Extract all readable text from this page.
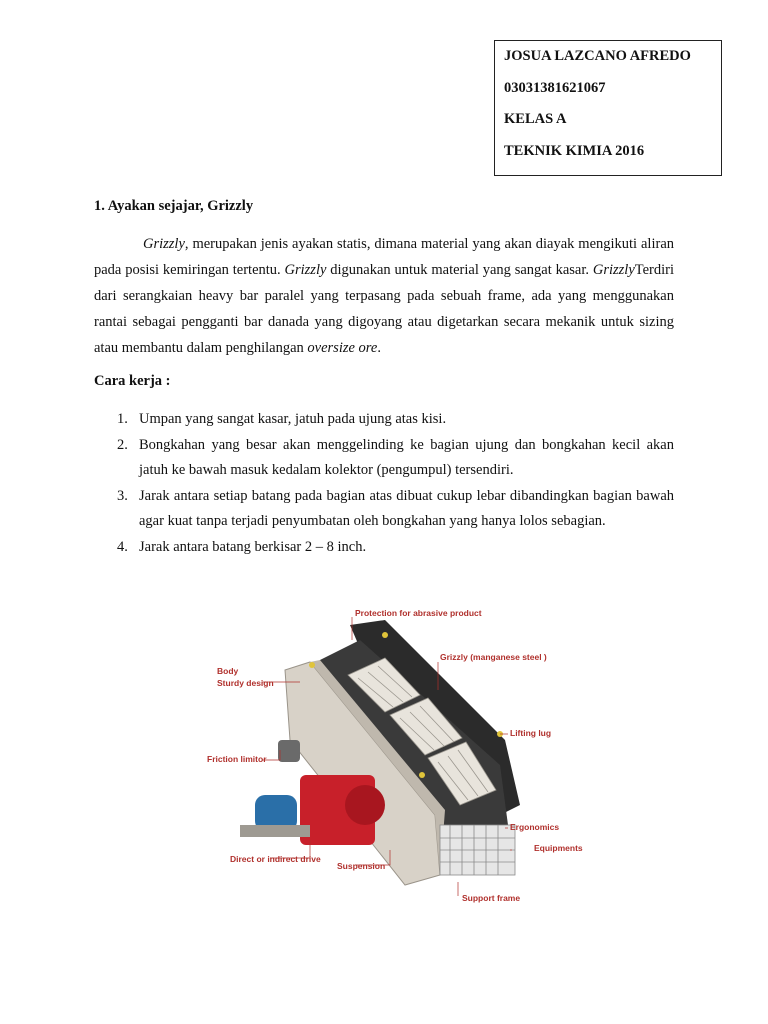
JOSUA LAZCANO AFREDO
03031381621067
KELAS A
TEKNIK KIMIA 2016
1. Ayakan sejajar, Grizzly

Grizzly, merupakan jenis ayakan statis, dimana material yang akan diayak mengikuti aliran pada posisi kemiringan tertentu. Grizzly digunakan untuk material yang sangat kasar. GrizzlyTerdiri dari serangkaian heavy bar paralel yang terpasang pada sebuah frame, ada yang menggunakan rantai sebagai pengganti bar danada yang digoyang atau digetarkan secara mekanik untuk sizing atau membantu dalam penghilangan oversize ore.

Cara kerja :
1. Umpan yang sangat kasar, jatuh pada ujung atas kisi.
2. Bongkahan yang besar akan menggelinding ke bagian ujung dan bongkahan kecil akan jatuh ke bawah masuk kedalam kolektor (pengumpul) tersendiri.
3. Jarak antara setiap batang pada bagian atas dibuat cukup lebar dibandingkan bagian bawah agar kuat tanpa terjadi penyumbatan oleh bongkahan yang hanya lolos sebagian.
4. Jarak antara batang berkisar 2 – 8 inch.
Protection for abrasive product
Grizzly (manganese steel )
Body
Sturdy design
Lifting lug
Friction limitor
Ergonomics
Equipments
Direct or indirect drive
Suspension
Support frame
